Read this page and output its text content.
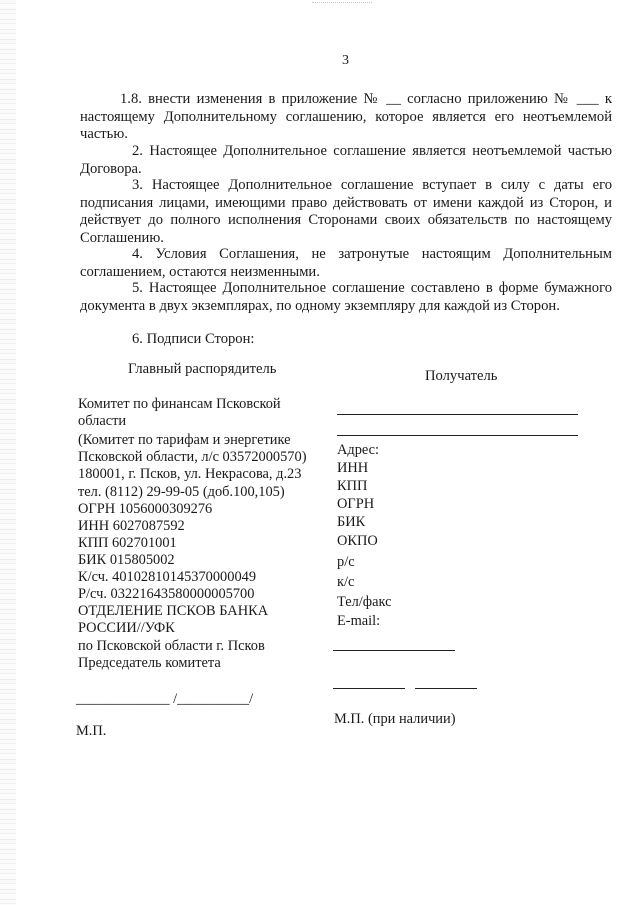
3
1.8. внести изменения в приложение № __ согласно приложению № ___ к настоящему Дополнительному соглашению, которое является его неотъемлемой частью.
2. Настоящее Дополнительное соглашение является неотъемлемой частью Договора.
3. Настоящее Дополнительное соглашение вступает в силу с даты его подписания лицами, имеющими право действовать от имени каждой из Сторон, и действует до полного исполнения Сторонами своих обязательств по настоящему Соглашению.
4. Условия Соглашения, не затронутые настоящим Дополнительным соглашением, остаются неизменными.
5. Настоящее Дополнительное соглашение составлено в форме бумажного документа в двух экземплярах, по одному экземпляру для каждой из Сторон.
6. Подписи Сторон:
Главный распорядитель
Комитет по финансам Псковской
области
(Комитет по тарифам и энергетике
Псковской области, л/с 03572000570)
180001, г. Псков, ул. Некрасова, д.23
тел. (8112) 29-99-05 (доб.100,105)
ОГРН 1056000309276
ИНН 6027087592
КПП 602701001
БИК 015805002
К/сч. 40102810145370000049
Р/сч. 03221643580000005700
ОТДЕЛЕНИЕ ПСКОВ БАНКА
РОССИИ//УФК
по Псковской области г. Псков
Председатель комитета
_____________ /__________/
М.П.
Получатель
Адрес:
ИНН
КПП
ОГРН
БИК
ОКПО
р/с
к/с
Тел/факс
E-mail:
М.П. (при наличии)
